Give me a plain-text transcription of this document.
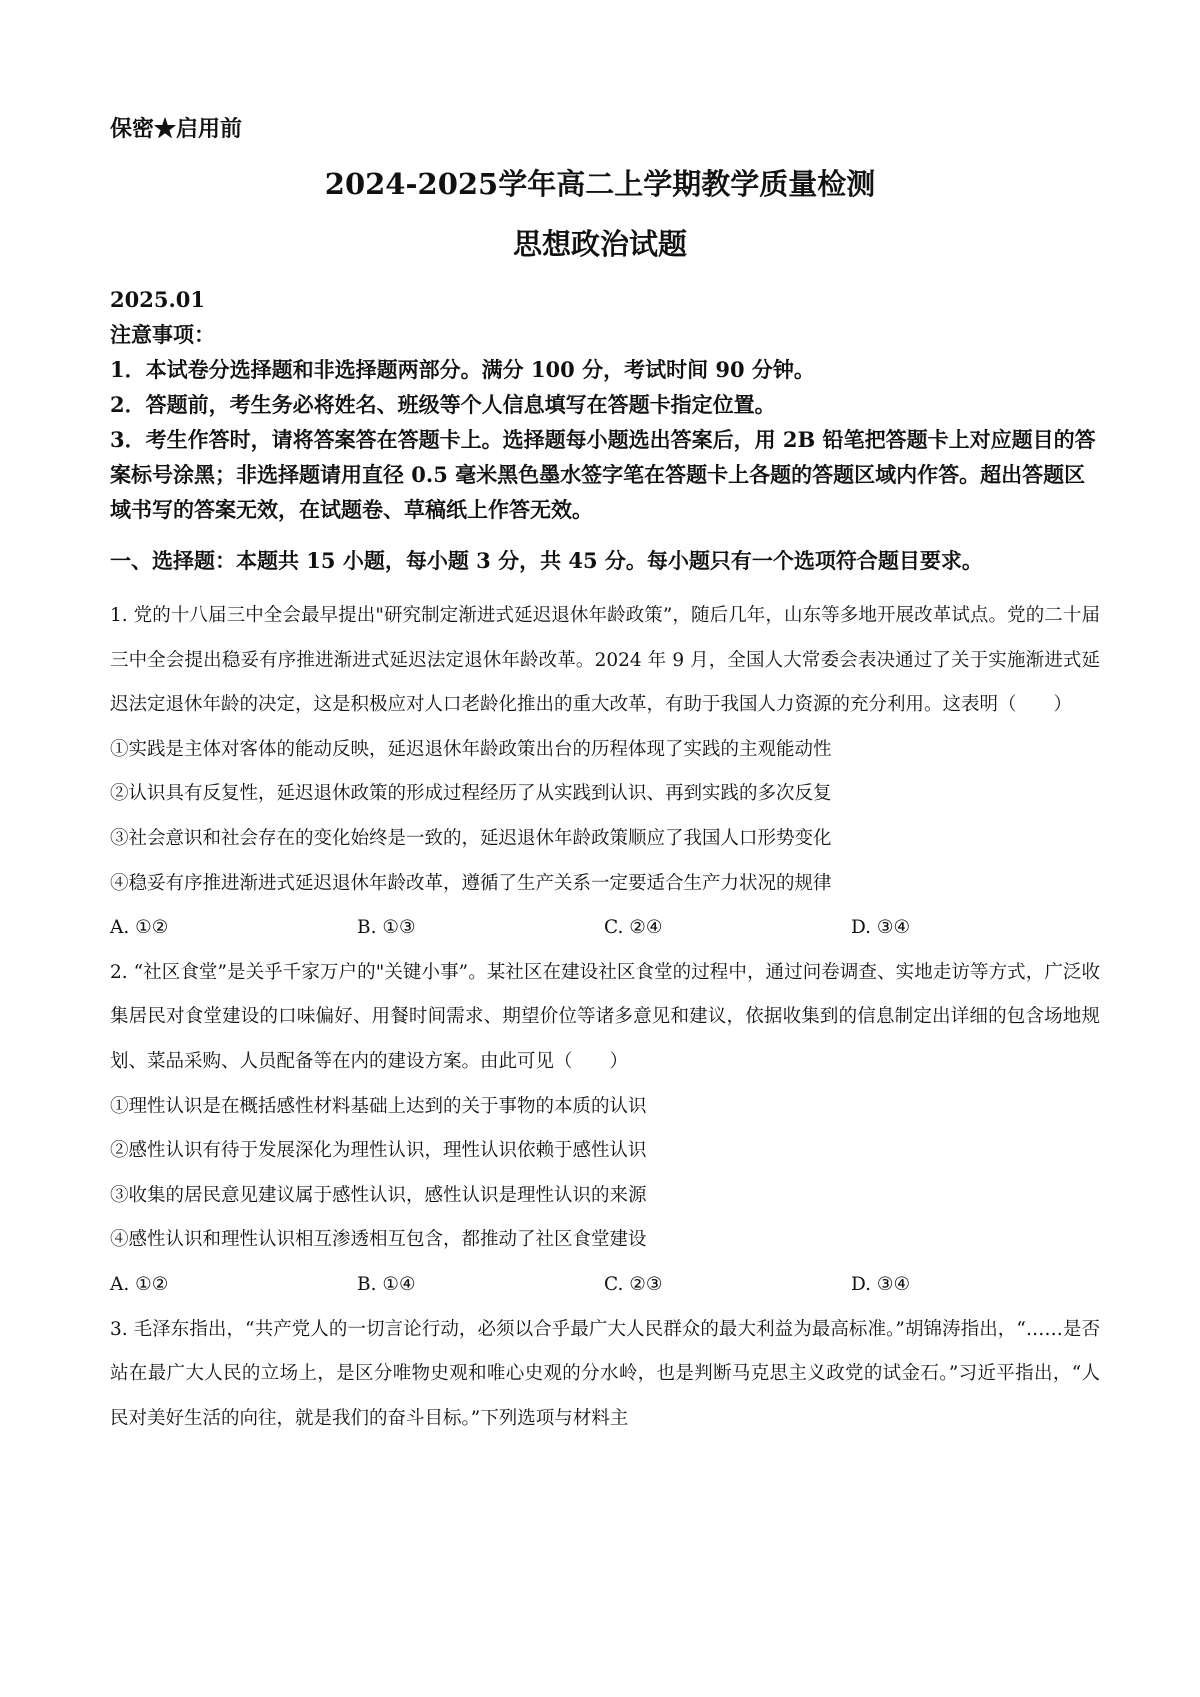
保密★启用前
2024-2025学年高二上学期教学质量检测
思想政治试题
2025.01

注意事项：

1．本试卷分选择题和非选择题两部分。满分 100 分，考试时间 90 分钟。

2．答题前，考生务必将姓名、班级等个人信息填写在答题卡指定位置。

3．考生作答时，请将答案答在答题卡上。选择题每小题选出答案后，用 2B 铅笔把答题卡上对应题目的答案标号涂黑；非选择题请用直径 0.5 毫米黑色墨水签字笔在答题卡上各题的答题区域内作答。超出答题区域书写的答案无效，在试题卷、草稿纸上作答无效。

一、选择题：本题共 15 小题，每小题 3 分，共 45 分。每小题只有一个选项符合题目要求。

1. 党的十八届三中全会最早提出"研究制定渐进式延迟退休年龄政策”，随后几年，山东等多地开展改革试点。党的二十届三中全会提出稳妥有序推进渐进式延迟法定退休年龄改革。2024 年 9 月，全国人大常委会表决通过了关于实施渐进式延迟法定退休年龄的决定，这是积极应对人口老龄化推出的重大改革，有助于我国人力资源的充分利用。这表明（　　）

①实践是主体对客体的能动反映，延迟退休年龄政策出台的历程体现了实践的主观能动性

②认识具有反复性，延迟退休政策的形成过程经历了从实践到认识、再到实践的多次反复

③社会意识和社会存在的变化始终是一致的，延迟退休年龄政策顺应了我国人口形势变化

④稳妥有序推进渐进式延迟退休年龄改革，遵循了生产关系一定要适合生产力状况的规律

A. ①②	B. ①③	C. ②④	D. ③④

2. “社区食堂”是关乎千家万户的"关键小事”。某社区在建设社区食堂的过程中，通过问卷调查、实地走访等方式，广泛收集居民对食堂建设的口味偏好、用餐时间需求、期望价位等诸多意见和建议，依据收集到的信息制定出详细的包含场地规划、菜品采购、人员配备等在内的建设方案。由此可见（　　）

①理性认识是在概括感性材料基础上达到的关于事物的本质的认识

②感性认识有待于发展深化为理性认识，理性认识依赖于感性认识

③收集的居民意见建议属于感性认识，感性认识是理性认识的来源

④感性认识和理性认识相互渗透相互包含，都推动了社区食堂建设

A. ①②	B. ①④	C. ②③	D. ③④

3. 毛泽东指出，“共产党人的一切言论行动，必须以合乎最广大人民群众的最大利益为最高标准。”胡锦涛指出，“……是否站在最广大人民的立场上，是区分唯物史观和唯心史观的分水岭，也是判断马克思主义政党的试金石。”习近平指出，“人民对美好生活的向往，就是我们的奋斗目标。”下列选项与材料主
